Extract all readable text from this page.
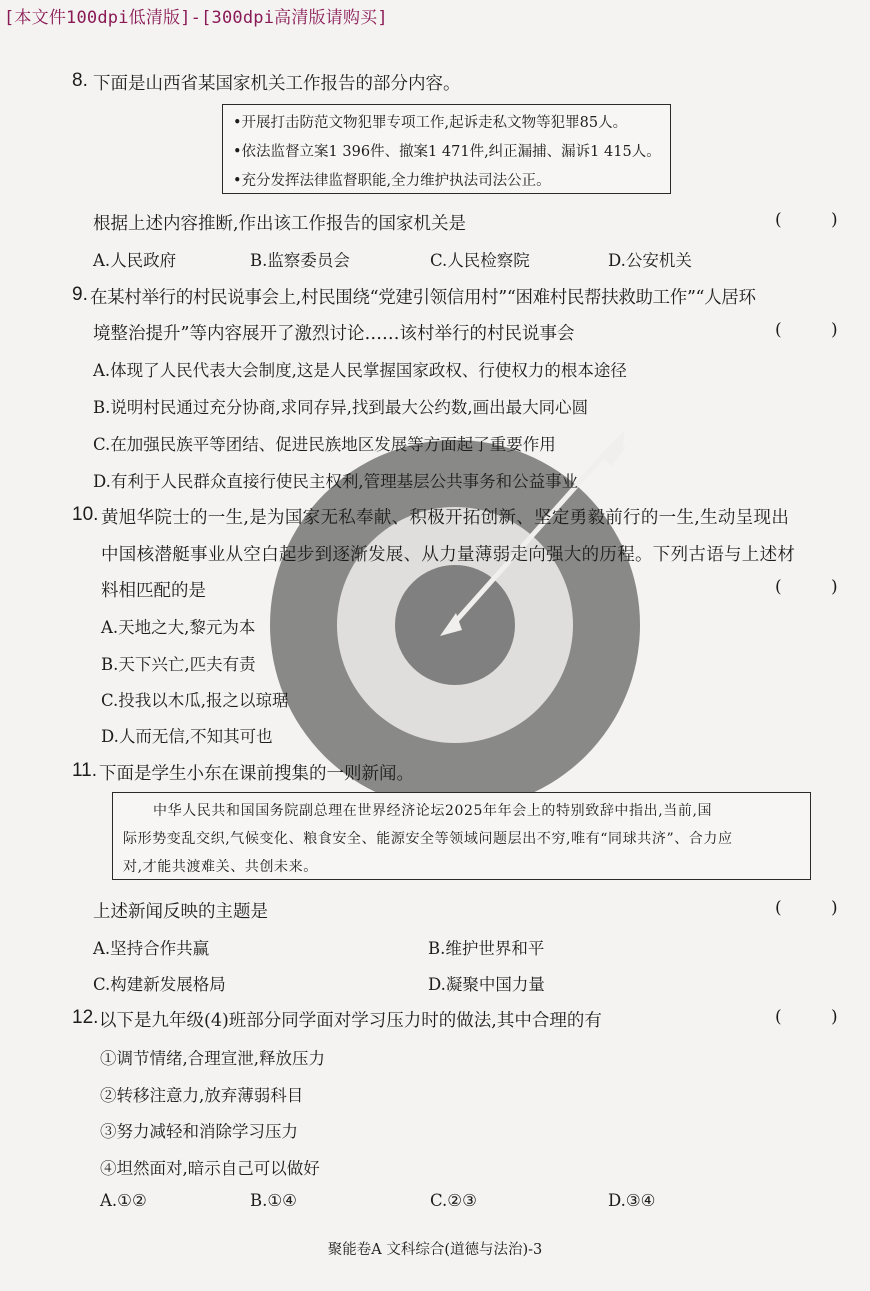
[本文件100dpi低清版]-[300dpi高清版请购买]
8. 下面是山西省某国家机关工作报告的部分内容。
•开展打击防范文物犯罪专项工作,起诉走私文物等犯罪85人。
•依法监督立案1 396件、撤案1 471件,纠正漏捕、漏诉1 415人。
•充分发挥法律监督职能,全力维护执法司法公正。
根据上述内容推断,作出该工作报告的国家机关是	( )
A.人民政府	B.监察委员会	C.人民检察院	D.公安机关
9. 在某村举行的村民说事会上,村民围绕“党建引领信用村”“困难村民帮扶救助工作”“人居环
境整治提升”等内容展开了激烈讨论……该村举行的村民说事会	( )
A.体现了人民代表大会制度,这是人民掌握国家政权、行使权力的根本途径
B.说明村民通过充分协商,求同存异,找到最大公约数,画出最大同心圆
C.在加强民族平等团结、促进民族地区发展等方面起了重要作用
D.有利于人民群众直接行使民主权利,管理基层公共事务和公益事业
10. 黄旭华院士的一生,是为国家无私奉献、积极开拓创新、坚定勇毅前行的一生,生动呈现出
中国核潜艇事业从空白起步到逐渐发展、从力量薄弱走向强大的历程。下列古语与上述材
料相匹配的是	( )
A.天地之大,黎元为本
B.天下兴亡,匹夫有责
C.投我以木瓜,报之以琼琚
D.人而无信,不知其可也
11. 下面是学生小东在课前搜集的一则新闻。
中华人民共和国国务院副总理在世界经济论坛2025年年会上的特别致辞中指出,当前,国
际形势变乱交织,气候变化、粮食安全、能源安全等领域问题层出不穷,唯有“同球共济”、合力应
对,才能共渡难关、共创未来。
上述新闻反映的主题是	( )
A.坚持合作共赢	B.维护世界和平
C.构建新发展格局	D.凝聚中国力量
12. 以下是九年级(4)班部分同学面对学习压力时的做法,其中合理的有	( )
①调节情绪,合理宣泄,释放压力
②转移注意力,放弃薄弱科目
③努力减轻和消除学习压力
④坦然面对,暗示自己可以做好
A.①②	B.①④	C.②③	D.③④
聚能卷A 文科综合(道德与法治)-3
